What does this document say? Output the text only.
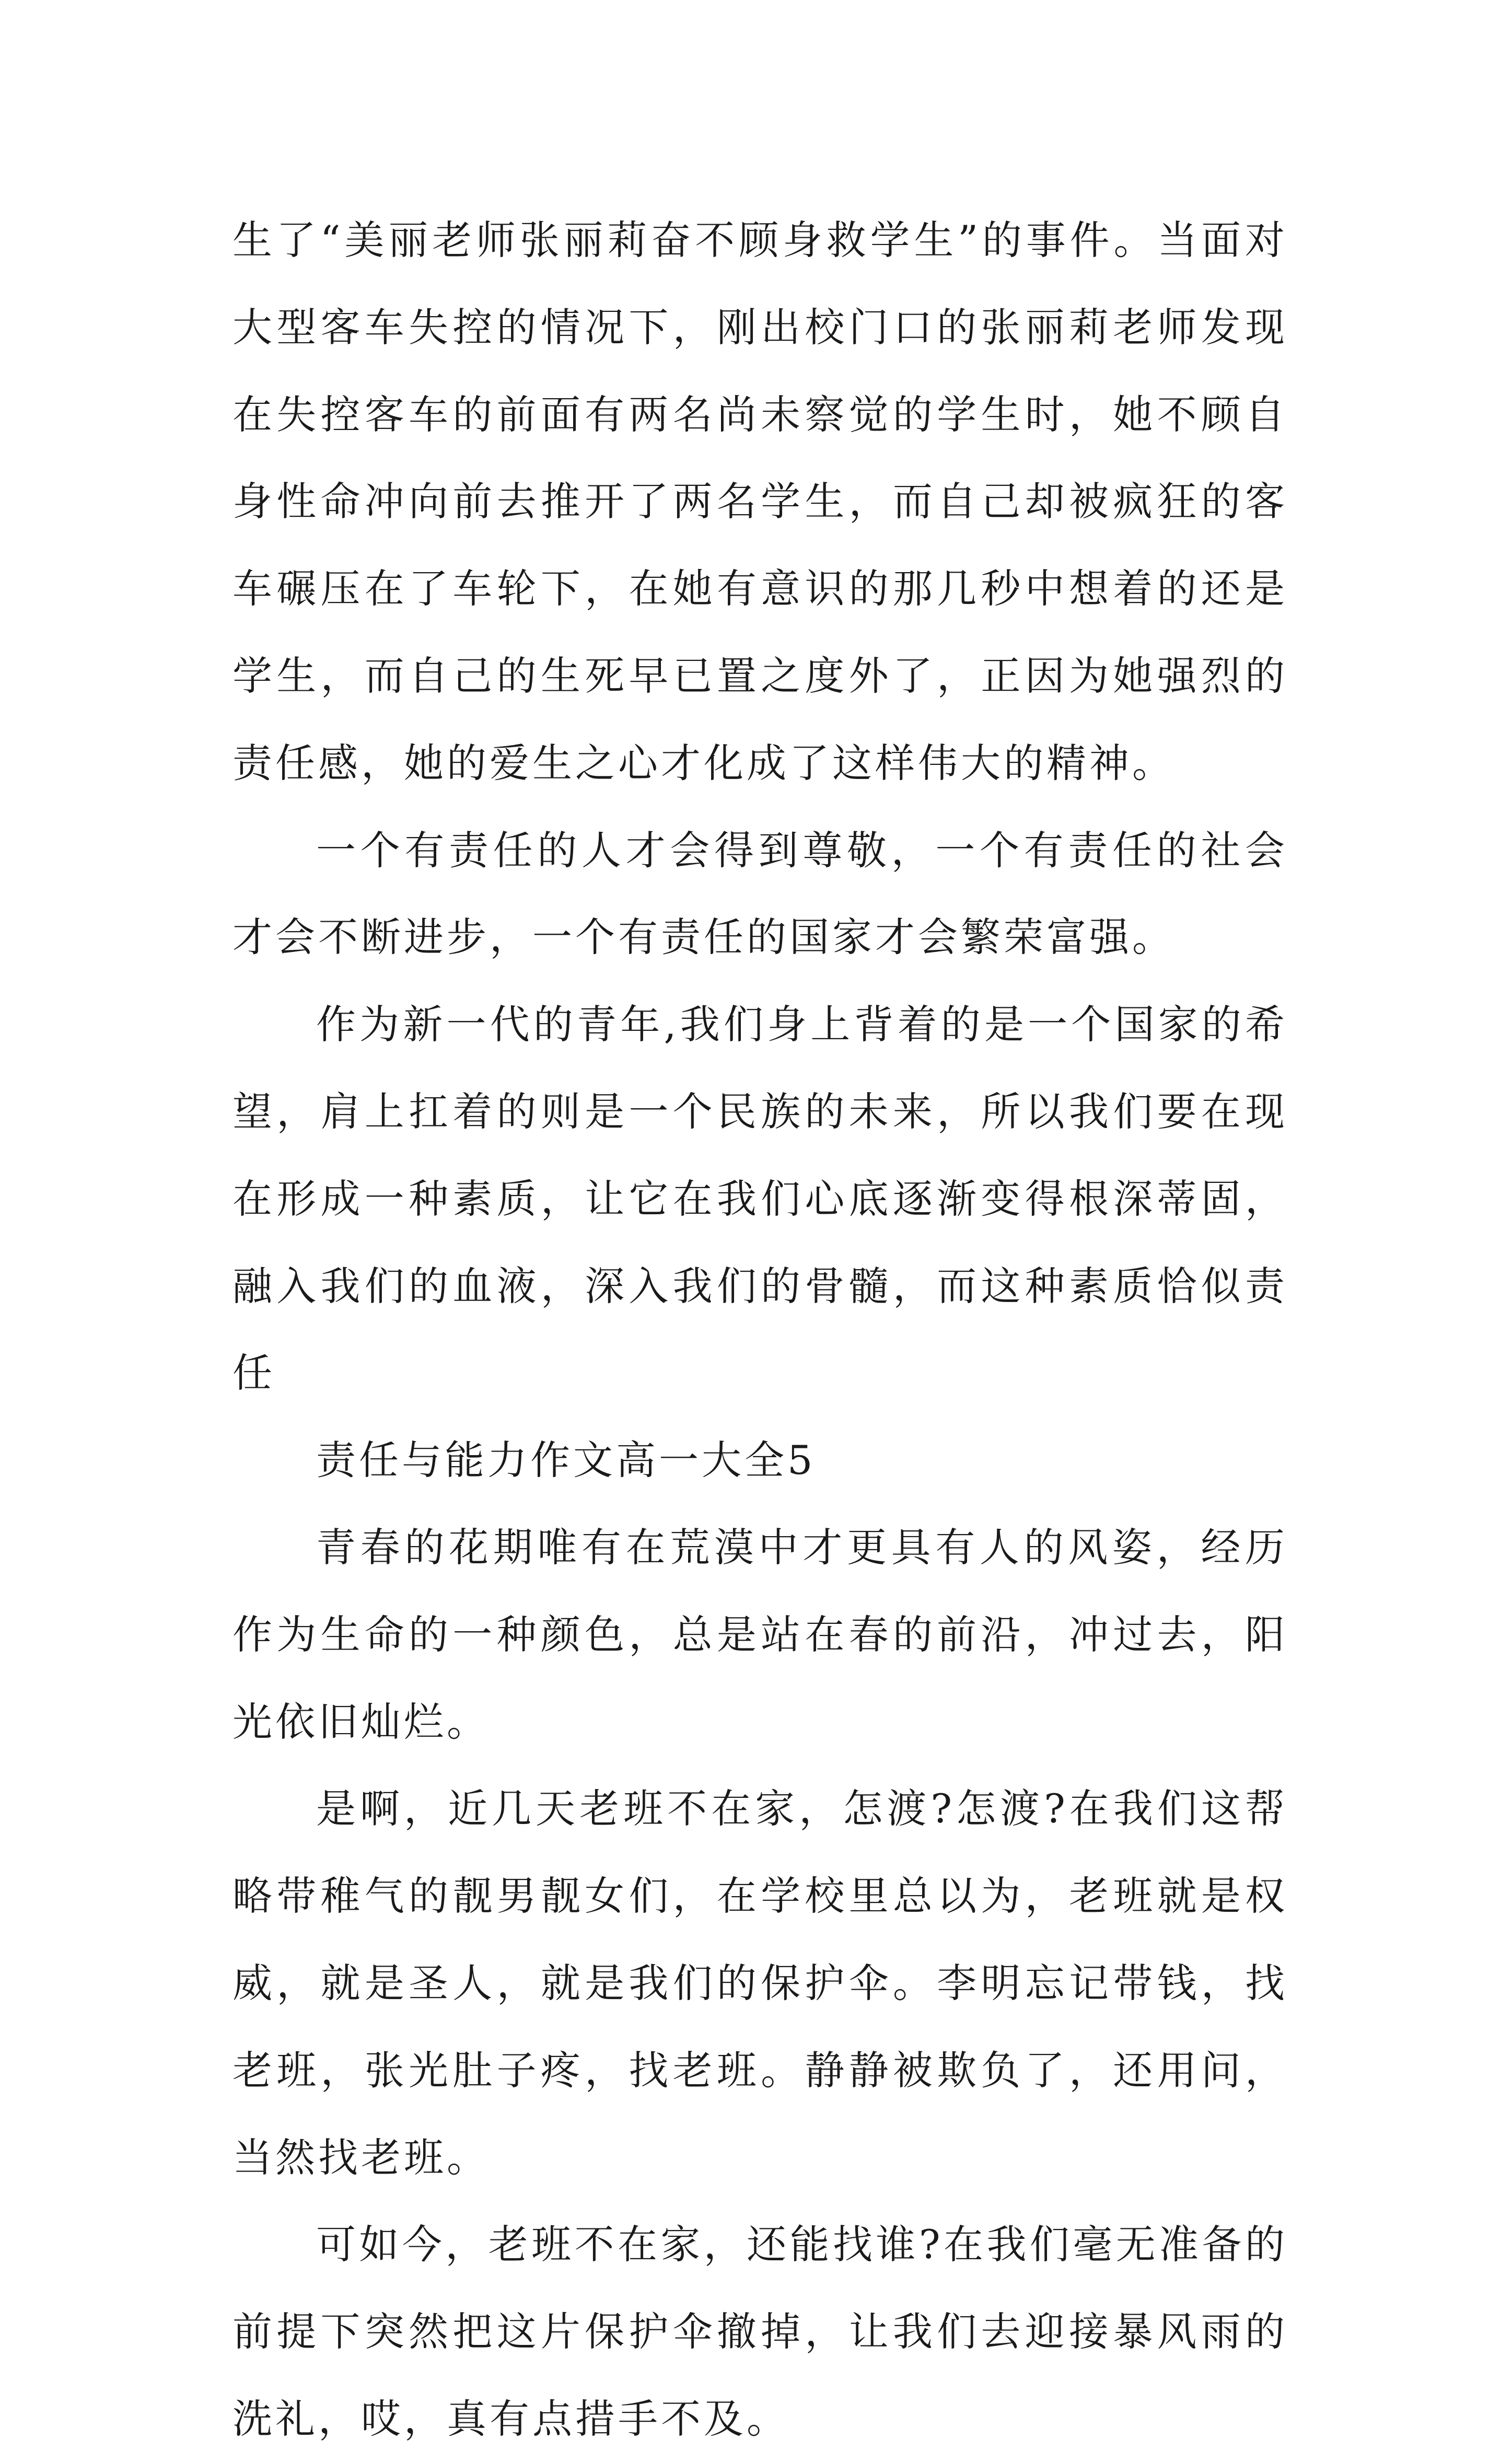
生了“美丽老师张丽莉奋不顾身救学生”的事件。当面对大型客车失控的情况下，刚出校门口的张丽莉老师发现在失控客车的前面有两名尚未察觉的学生时，她不顾自身性命冲向前去推开了两名学生，而自己却被疯狂的客车碾压在了车轮下，在她有意识的那几秒中想着的还是学生，而自己的生死早已置之度外了，正因为她强烈的责任感，她的爱生之心才化成了这样伟大的精神。

一个有责任的人才会得到尊敬，一个有责任的社会才会不断进步，一个有责任的国家才会繁荣富强。

作为新一代的青年,我们身上背着的是一个国家的希望，肩上扛着的则是一个民族的未来，所以我们要在现在形成一种素质，让它在我们心底逐渐变得根深蒂固，融入我们的血液，深入我们的骨髓，而这种素质恰似责任

责任与能力作文高一大全5

青春的花期唯有在荒漠中才更具有人的风姿，经历作为生命的一种颜色，总是站在春的前沿，冲过去，阳光依旧灿烂。

是啊，近几天老班不在家，怎渡?怎渡?在我们这帮略带稚气的靓男靓女们，在学校里总以为，老班就是权威，就是圣人，就是我们的保护伞。李明忘记带钱，找老班，张光肚子疼，找老班。静静被欺负了，还用问，当然找老班。

可如今，老班不在家，还能找谁?在我们毫无准备的前提下突然把这片保护伞撤掉，让我们去迎接暴风雨的洗礼，哎，真有点措手不及。
